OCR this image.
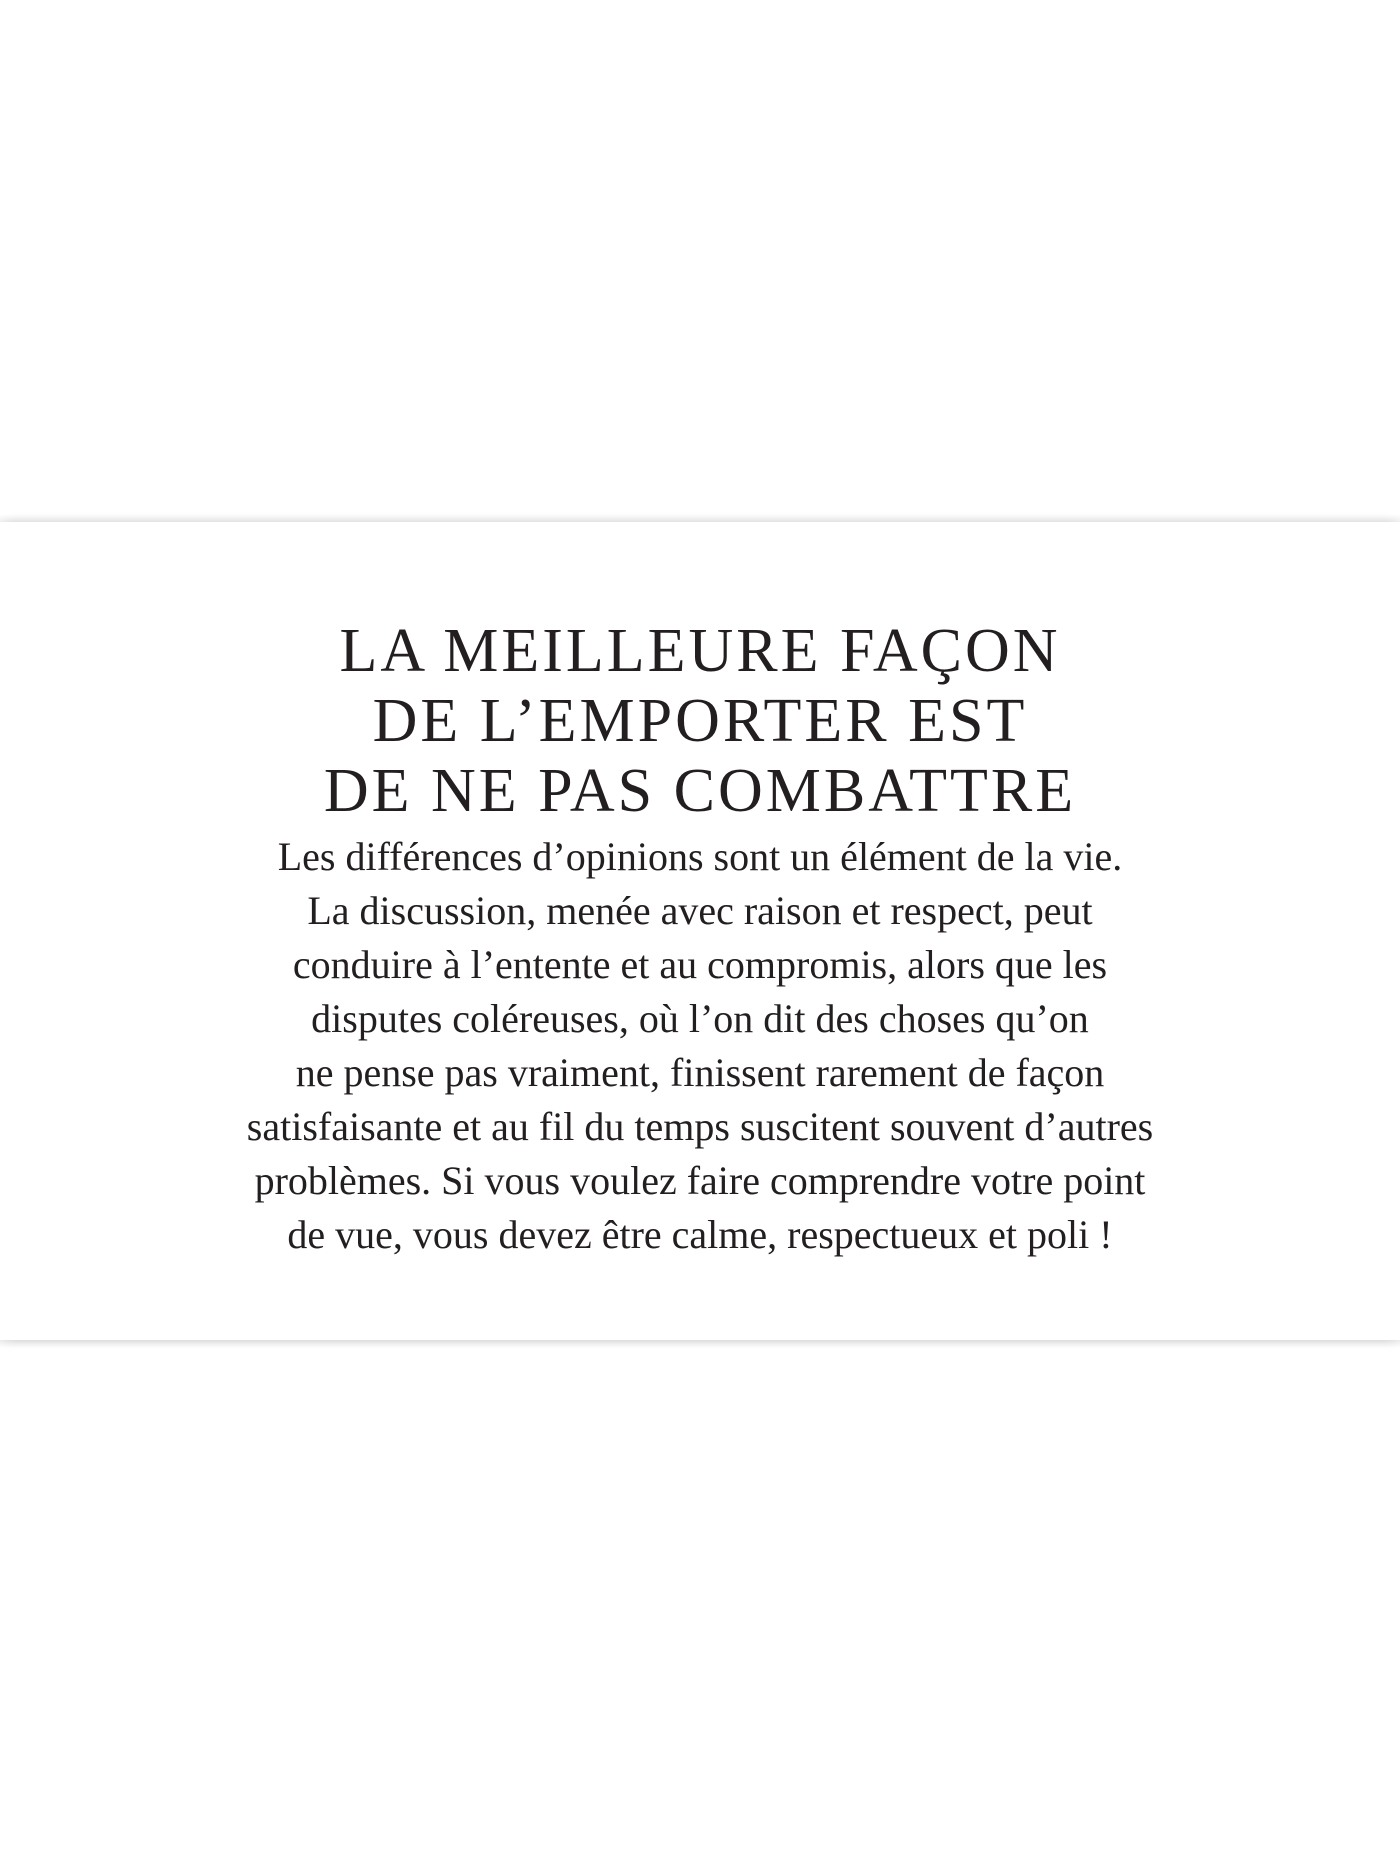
LA MEILLEURE FAÇON
DE L’EMPORTER EST
DE NE PAS COMBATTRE

Les différences d’opinions sont un élément de la vie.
La discussion, menée avec raison et respect, peut
conduire à l’entente et au compromis, alors que les
disputes coléreuses, où l’on dit des choses qu’on
ne pense pas vraiment, finissent rarement de façon
satisfaisante et au fil du temps suscitent souvent d’autres
problèmes. Si vous voulez faire comprendre votre point
de vue, vous devez être calme, respectueux et poli !
